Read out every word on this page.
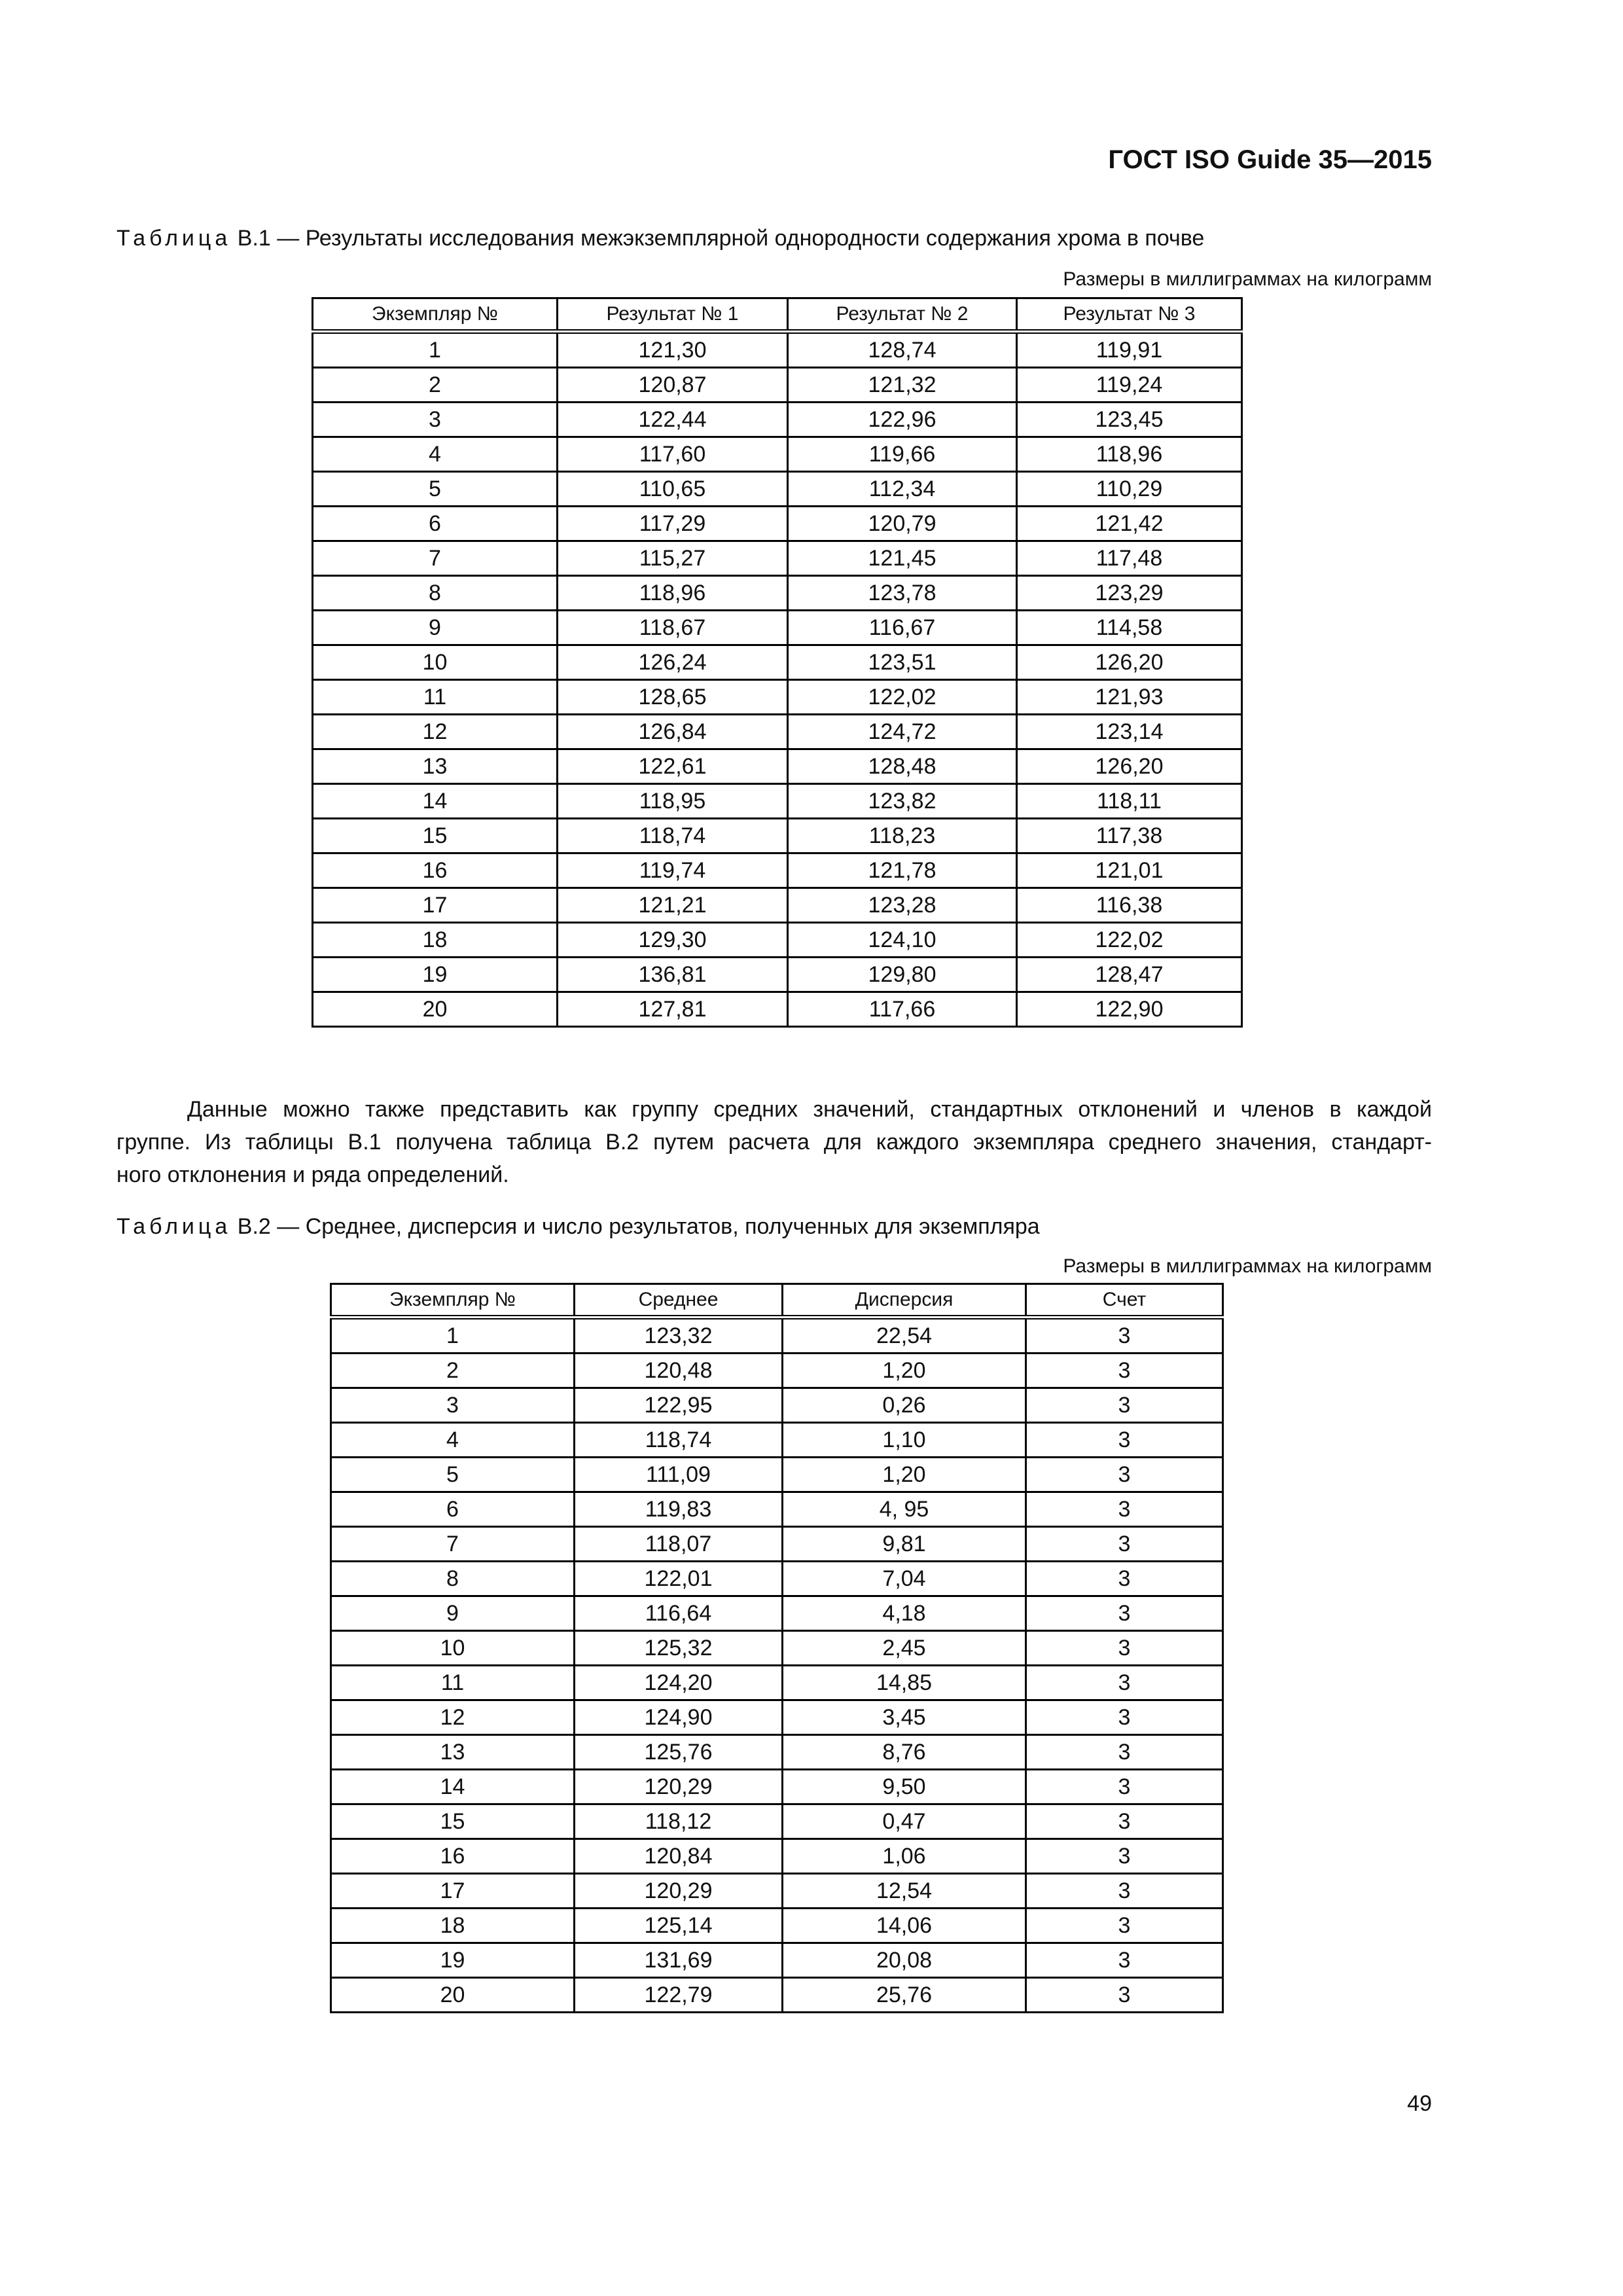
ГОСТ ISO Guide 35—2015
Таблица В.1 — Результаты исследования межэкземплярной однородности содержания хрома в почве
Размеры в миллиграммах на килограмм
Экземпляр №	Результат № 1	Результат № 2	Результат № 3
1	121,30	128,74	119,91
2	120,87	121,32	119,24
3	122,44	122,96	123,45
4	117,60	119,66	118,96
5	110,65	112,34	110,29
6	117,29	120,79	121,42
7	115,27	121,45	117,48
8	118,96	123,78	123,29
9	118,67	116,67	114,58
10	126,24	123,51	126,20
11	128,65	122,02	121,93
12	126,84	124,72	123,14
13	122,61	128,48	126,20
14	118,95	123,82	118,11
15	118,74	118,23	117,38
16	119,74	121,78	121,01
17	121,21	123,28	116,38
18	129,30	124,10	122,02
19	136,81	129,80	128,47
20	127,81	117,66	122,90
Данные можно также представить как группу средних значений, стандартных отклонений и членов в каждой
группе. Из таблицы В.1 получена таблица В.2 путем расчета для каждого экземпляра среднего значения, стандарт-
ного отклонения и ряда определений.
Таблица В.2 — Среднее, дисперсия и число результатов, полученных для экземпляра
Размеры в миллиграммах на килограмм
Экземпляр №	Среднее	Дисперсия	Счет
1	123,32	22,54	3
2	120,48	1,20	3
3	122,95	0,26	3
4	118,74	1,10	3
5	111,09	1,20	3
6	119,83	4, 95	3
7	118,07	9,81	3
8	122,01	7,04	3
9	116,64	4,18	3
10	125,32	2,45	3
11	124,20	14,85	3
12	124,90	3,45	3
13	125,76	8,76	3
14	120,29	9,50	3
15	118,12	0,47	3
16	120,84	1,06	3
17	120,29	12,54	3
18	125,14	14,06	3
19	131,69	20,08	3
20	122,79	25,76	3
49
